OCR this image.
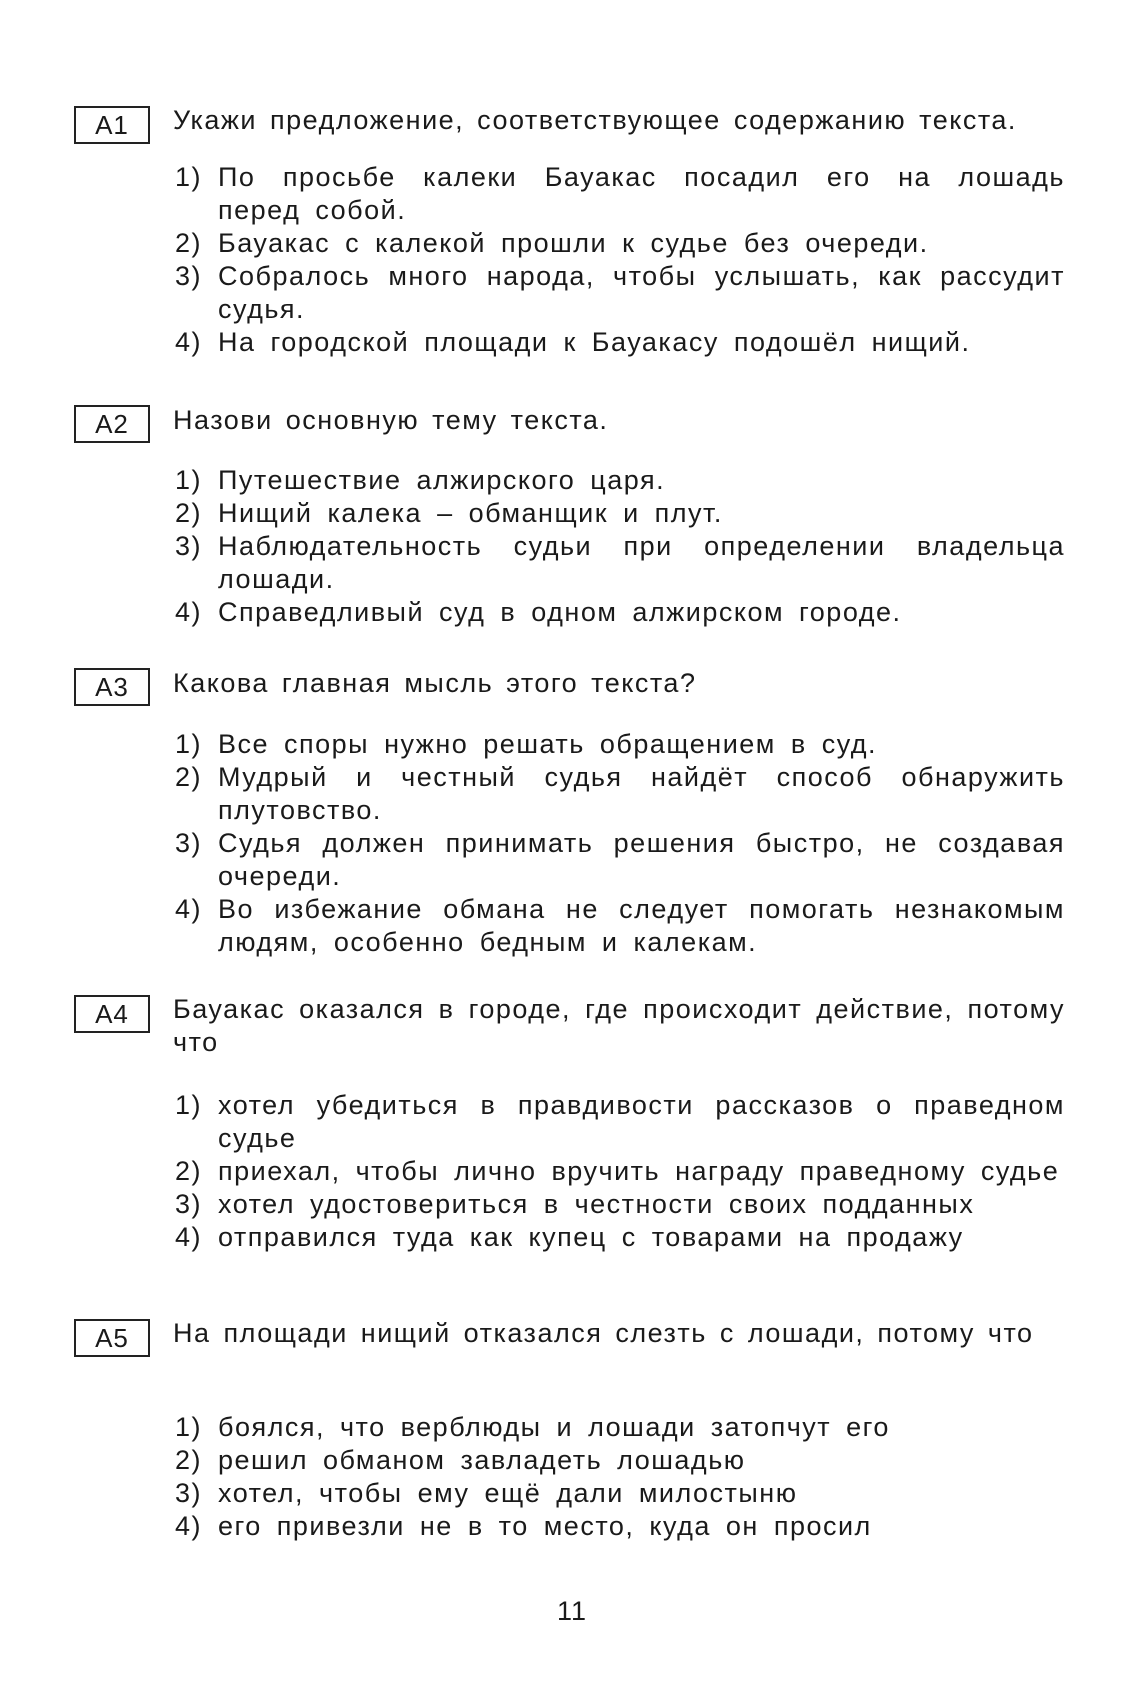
А1	Укажи предложение, соответствующее содержанию текста.
1) По просьбе калеки Бауакас посадил его на лошадь перед собой.
2) Бауакас с калекой прошли к судье без очереди.
3) Собралось много народа, чтобы услышать, как рассудит судья.
4) На городской площади к Бауакасу подошёл нищий.
А2	Назови основную тему текста.
1) Путешествие алжирского царя.
2) Нищий калека – обманщик и плут.
3) Наблюдательность судьи при определении владельца лошади.
4) Справедливый суд в одном алжирском городе.
А3	Какова главная мысль этого текста?
1) Все споры нужно решать обращением в суд.
2) Мудрый и честный судья найдёт способ обнаружить плутовство.
3) Судья должен принимать решения быстро, не создавая очереди.
4) Во избежание обмана не следует помогать незнакомым людям, особенно бедным и калекам.
А4	Бауакас оказался в городе, где происходит действие, потому что
1) хотел убедиться в правдивости рассказов о праведном судье
2) приехал, чтобы лично вручить награду праведному судье
3) хотел удостовериться в честности своих подданных
4) отправился туда как купец с товарами на продажу
А5	На площади нищий отказался слезть с лошади, потому что
1) боялся, что верблюды и лошади затопчут его
2) решил обманом завладеть лошадью
3) хотел, чтобы ему ещё дали милостыню
4) его привезли не в то место, куда он просил
11
